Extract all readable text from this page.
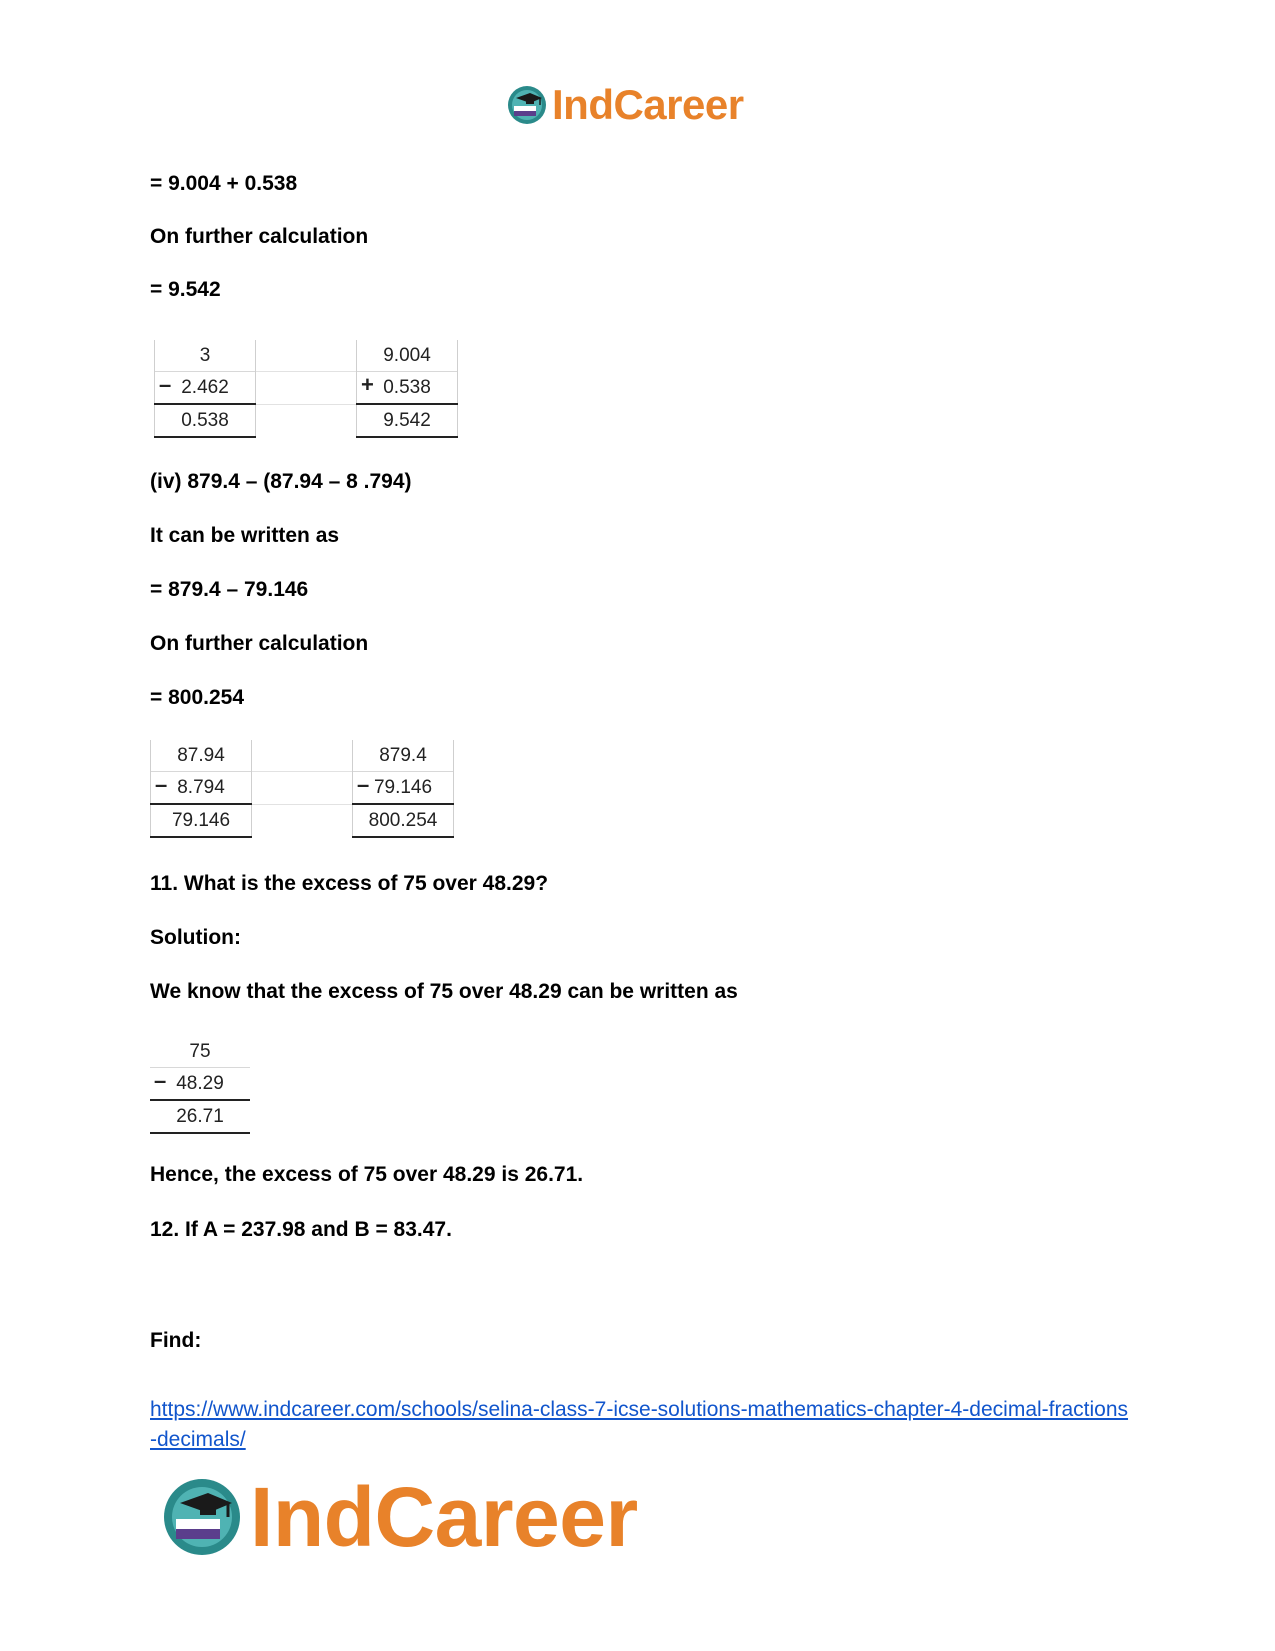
IndCareer
= 9.004 + 0.538
On further calculation
= 9.542
3		9.004

– 2.462		+ 0.538
0.538		9.542
(iv) 879.4 – (87.94 – 8 .794)
It can be written as
= 879.4 – 79.146
On further calculation
= 800.254
87.94		879.4

– 8.794		– 79.146
79.146		800.254
11. What is the excess of 75 over 48.29?
Solution:
We know that the excess of 75 over 48.29 can be written as
75

– 48.29
26.71
Hence, the excess of 75 over 48.29 is 26.71.
12. If A = 237.98 and B = 83.47.
Find:
https://www.indcareer.com/schools/selina-class-7-icse-solutions-mathematics-chapter-4-decimal-fractions-decimals/
IndCareer
